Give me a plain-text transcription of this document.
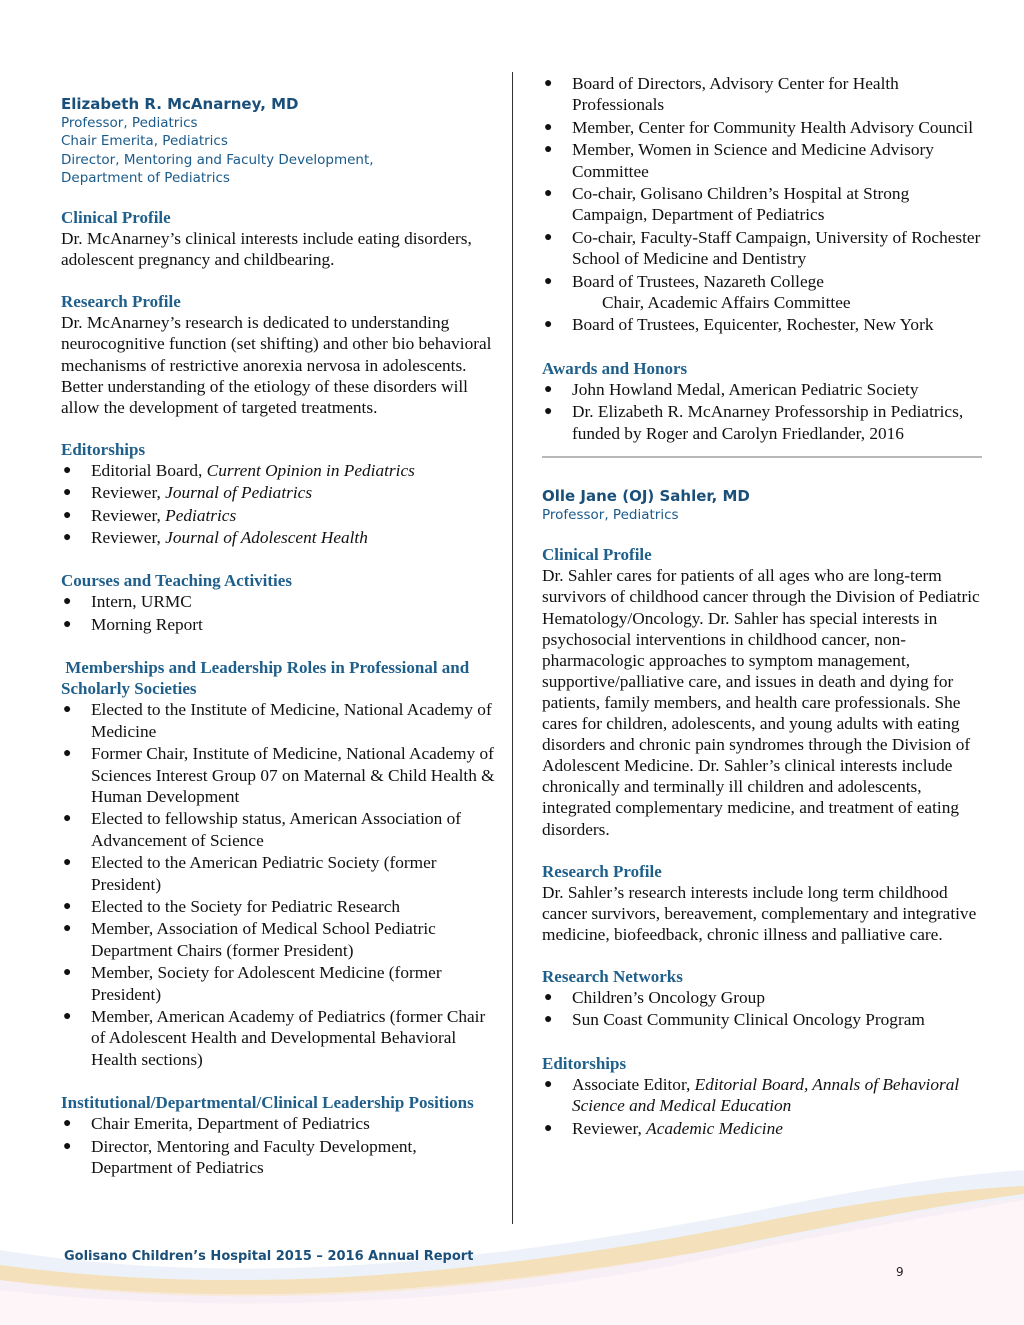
Elizabeth R. McAnarney, MD
Professor, Pediatrics
Chair Emerita, Pediatrics
Director, Mentoring and Faculty Development,
Department of Pediatrics
Clinical Profile
Dr. McAnarney’s clinical interests include eating disorders, adolescent pregnancy and childbearing.
Research Profile
Dr. McAnarney’s research is dedicated to understanding neurocognitive function (set shifting) and other bio behavioral mechanisms of restrictive anorexia nervosa in adolescents. Better understanding of the etiology of these disorders will allow the development of targeted treatments.
Editorships
● Editorial Board, Current Opinion in Pediatrics
● Reviewer, Journal of Pediatrics
● Reviewer, Pediatrics
● Reviewer, Journal of Adolescent Health
Courses and Teaching Activities
● Intern, URMC
● Morning Report
Memberships and Leadership Roles in Professional and Scholarly Societies
● Elected to the Institute of Medicine, National Academy of Medicine
● Former Chair, Institute of Medicine, National Academy of Sciences Interest Group 07 on Maternal & Child Health & Human Development
● Elected to fellowship status, American Association of Advancement of Science
● Elected to the American Pediatric Society (former President)
● Elected to the Society for Pediatric Research
● Member, Association of Medical School Pediatric Department Chairs (former President)
● Member, Society for Adolescent Medicine (former President)
● Member, American Academy of Pediatrics (former Chair of Adolescent Health and Developmental Behavioral Health sections)
Institutional/Departmental/Clinical Leadership Positions
● Chair Emerita, Department of Pediatrics
● Director, Mentoring and Faculty Development, Department of Pediatrics
● Board of Directors, Advisory Center for Health Professionals
● Member, Center for Community Health Advisory Council
● Member, Women in Science and Medicine Advisory Committee
● Co-chair, Golisano Children’s Hospital at Strong Campaign, Department of Pediatrics
● Co-chair, Faculty-Staff Campaign, University of Rochester School of Medicine and Dentistry
● Board of Trustees, Nazareth College
Chair, Academic Affairs Committee
● Board of Trustees, Equicenter, Rochester, New York
Awards and Honors
● John Howland Medal, American Pediatric Society
● Dr. Elizabeth R. McAnarney Professorship in Pediatrics, funded by Roger and Carolyn Friedlander, 2016
Olle Jane (OJ) Sahler, MD
Professor, Pediatrics
Clinical Profile
Dr. Sahler cares for patients of all ages who are long-term survivors of childhood cancer through the Division of Pediatric Hematology/Oncology. Dr. Sahler has special interests in psychosocial interventions in childhood cancer, non-pharmacologic approaches to symptom management, supportive/palliative care, and issues in death and dying for patients, family members, and health care professionals. She cares for children, adolescents, and young adults with eating disorders and chronic pain syndromes through the Division of Adolescent Medicine. Dr. Sahler’s clinical interests include chronically and terminally ill children and adolescents, integrated complementary medicine, and treatment of eating disorders.
Research Profile
Dr. Sahler’s research interests include long term childhood cancer survivors, bereavement, complementary and integrative medicine, biofeedback, chronic illness and palliative care.
Research Networks
● Children’s Oncology Group
● Sun Coast Community Clinical Oncology Program
Editorships
● Associate Editor, Editorial Board, Annals of Behavioral Science and Medical Education
● Reviewer, Academic Medicine
Golisano Children’s Hospital 2015 – 2016 Annual Report
9
